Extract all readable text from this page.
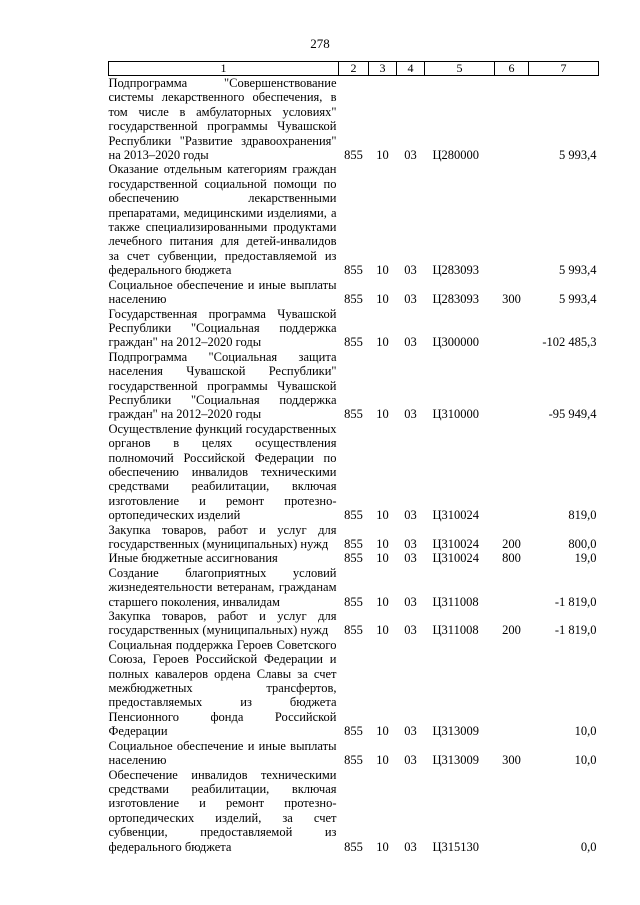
278
1	2	3	4	5	6	7
Подпрограмма "Совершенствование системы лекарственного обеспечения, в том числе в амбулаторных условиях" государственной программы Чувашской Республики "Развитие здравоохранения" на 2013–2020 годы	855	10	03	Ц280000		5 993,4
Оказание отдельным категориям граждан государственной социальной помощи по обеспечению лекарственными препаратами, медицинскими изделиями, а также специализированными продуктами лечебного питания для детей-инвалидов за счет субвенции, предоставляемой из федерального бюджета	855	10	03	Ц283093		5 993,4
Социальное обеспечение и иные выплаты населению	855	10	03	Ц283093	300	5 993,4
Государственная программа Чувашской Республики "Социальная поддержка граждан" на 2012–2020 годы	855	10	03	Ц300000		-102 485,3
Подпрограмма "Социальная защита населения Чувашской Республики" государственной программы Чувашской Республики "Социальная поддержка граждан" на 2012–2020 годы	855	10	03	Ц310000		-95 949,4
Осуществление функций государственных органов в целях осуществления полномочий Российской Федерации по обеспечению инвалидов техническими средствами реабилитации, включая изготовление и ремонт протезно-ортопедических изделий	855	10	03	Ц310024		819,0
Закупка товаров, работ и услуг для государственных (муниципальных) нужд	855	10	03	Ц310024	200	800,0
Иные бюджетные ассигнования	855	10	03	Ц310024	800	19,0
Создание благоприятных условий жизнедеятельности ветеранам, гражданам старшего поколения, инвалидам	855	10	03	Ц311008		-1 819,0
Закупка товаров, работ и услуг для государственных (муниципальных) нужд	855	10	03	Ц311008	200	-1 819,0
Социальная поддержка Героев Советского Союза, Героев Российской Федерации и полных кавалеров ордена Славы за счет межбюджетных трансфертов, предоставляемых из бюджета Пенсионного фонда Российской Федерации	855	10	03	Ц313009		10,0
Социальное обеспечение и иные выплаты населению	855	10	03	Ц313009	300	10,0
Обеспечение инвалидов техническими средствами реабилитации, включая изготовление и ремонт протезно-ортопедических изделий, за счет субвенции, предоставляемой из федерального бюджета	855	10	03	Ц315130		0,0
